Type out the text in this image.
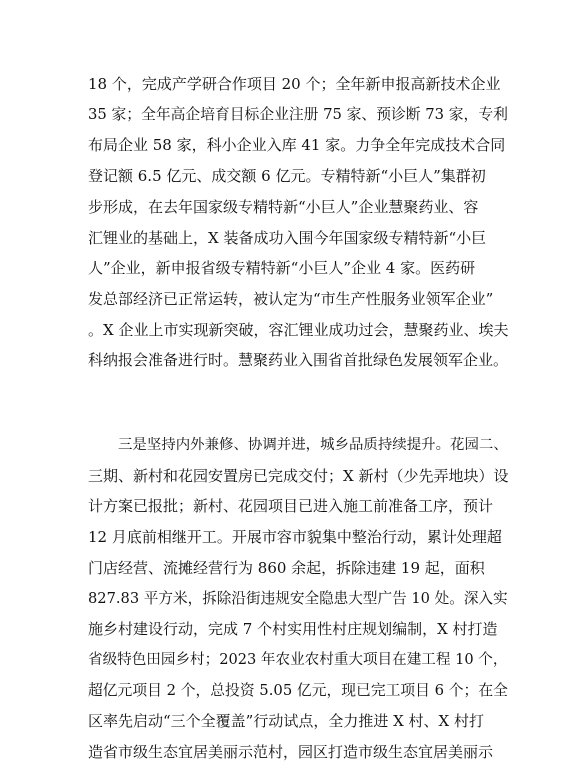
18 个，完成产学研合作项目 20 个；全年新申报高新技术企业
35 家；全年高企培育目标企业注册 75 家、预诊断 73 家，专利
布局企业 58 家，科小企业入库 41 家。力争全年完成技术合同
登记额 6.5 亿元、成交额 6 亿元。专精特新“小巨人”集群初
步形成，在去年国家级专精特新“小巨人”企业慧聚药业、容
汇锂业的基础上，X 装备成功入围今年国家级专精特新“小巨
人”企业，新申报省级专精特新“小巨人”企业 4 家。医药研
发总部经济已正常运转，被认定为“市生产性服务业领军企业”
。X 企业上市实现新突破，容汇锂业成功过会，慧聚药业、埃夫
科纳报会准备进行时。慧聚药业入围省首批绿色发展领军企业。
三是坚持内外兼修、协调并进，城乡品质持续提升。花园二、
三期、新村和花园安置房已完成交付；X 新村（少先弄地块）设
计方案已报批；新村、花园项目已进入施工前准备工序，预计
12 月底前相继开工。开展市容市貌集中整治行动，累计处理超
门店经营、流摊经营行为 860 余起，拆除违建 19 起，面积
827.83 平方米，拆除沿街违规安全隐患大型广告 10 处。深入实
施乡村建设行动，完成 7 个村实用性村庄规划编制，X 村打造
省级特色田园乡村；2023 年农业农村重大项目在建工程 10 个，
超亿元项目 2 个，总投资 5.05 亿元，现已完工项目 6 个；在全
区率先启动“三个全覆盖”行动试点，全力推进 X 村、X 村打
造省市级生态宜居美丽示范村，园区打造市级生态宜居美丽示
